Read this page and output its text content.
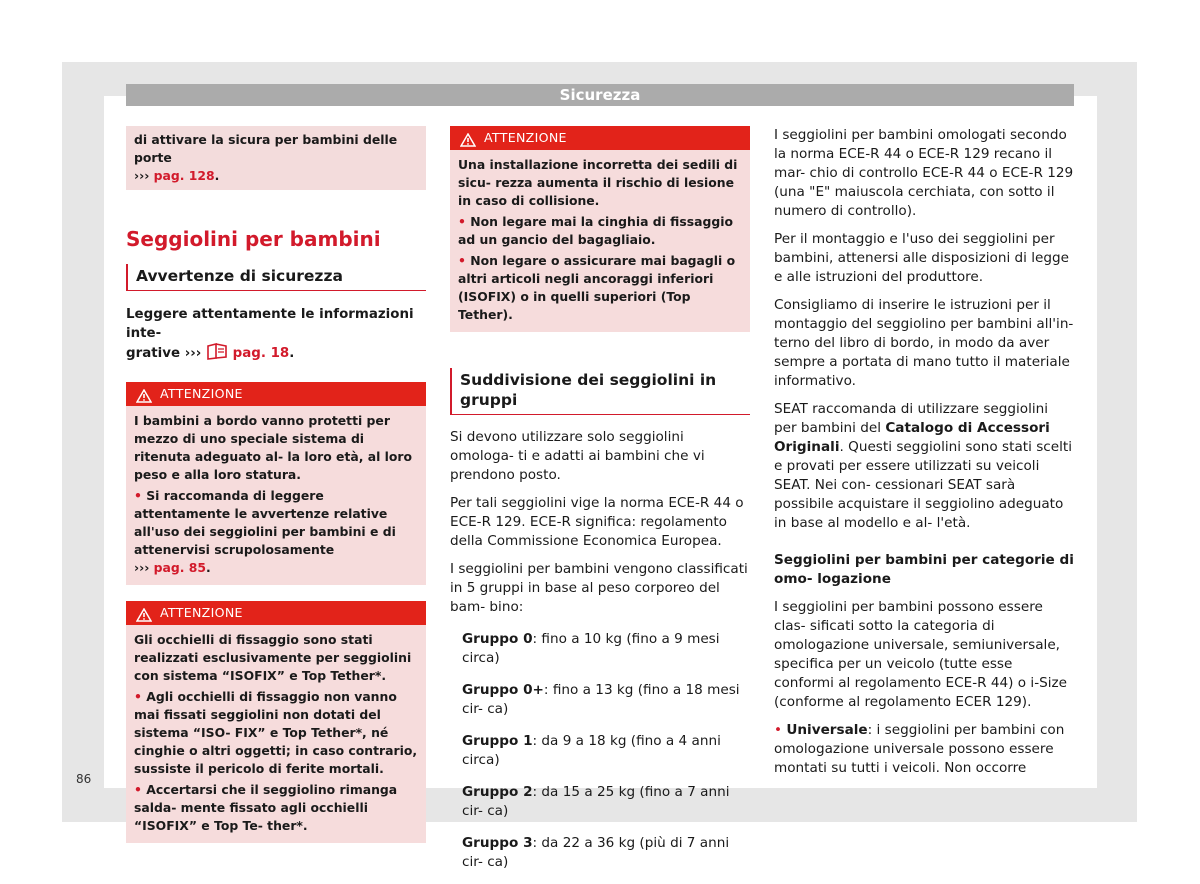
Sicurezza
di attivare la sicura per bambini delle porte
››› pag. 128.
Seggiolini per bambini
Avvertenze di sicurezza
Leggere attentamente le informazioni inte-
grative ››› pag. 18.
ATTENZIONE

I bambini a bordo vanno protetti per mezzo di uno speciale sistema di ritenuta adeguato al- la loro età, al loro peso e alla loro statura.

• Si raccomanda di leggere attentamente le avvertenze relative all'uso dei seggiolini per bambini e di attenervisi scrupolosamente
››› pag. 85.

ATTENZIONE

Gli occhielli di fissaggio sono stati realizzati esclusivamente per seggiolini con sistema “ISOFIX” e Top Tether*.

• Agli occhielli di fissaggio non vanno mai fissati seggiolini non dotati del sistema “ISO- FIX” e Top Tether*, né cinghie o altri oggetti; in caso contrario, sussiste il pericolo di ferite mortali.

• Accertarsi che il seggiolino rimanga salda- mente fissato agli occhielli “ISOFIX” e Top Te- ther*.

ATTENZIONE

Una installazione incorretta dei sedili di sicu- rezza aumenta il rischio di lesione in caso di collisione.

• Non legare mai la cinghia di fissaggio ad un gancio del bagagliaio.

• Non legare o assicurare mai bagagli o altri articoli negli ancoraggi inferiori (ISOFIX) o in quelli superiori (Top Tether).

Suddivisione dei seggiolini in gruppi
Si devono utilizzare solo seggiolini omologa- ti e adatti ai bambini che vi prendono posto.
Per tali seggiolini vige la norma ECE-R 44 o ECE-R 129. ECE-R significa: regolamento della Commissione Economica Europea.
I seggiolini per bambini vengono classificati in 5 gruppi in base al peso corporeo del bam- bino:
Gruppo 0: fino a 10 kg (fino a 9 mesi circa)
Gruppo 0+: fino a 13 kg (fino a 18 mesi cir- ca)
Gruppo 1: da 9 a 18 kg (fino a 4 anni circa)
Gruppo 2: da 15 a 25 kg (fino a 7 anni cir- ca)
Gruppo 3: da 22 a 36 kg (più di 7 anni cir- ca)
I seggiolini per bambini omologati secondo la norma ECE-R 44 o ECE-R 129 recano il mar- chio di controllo ECE-R 44 o ECE-R 129 (una "E" maiuscola cerchiata, con sotto il numero di controllo).
Per il montaggio e l'uso dei seggiolini per bambini, attenersi alle disposizioni di legge e alle istruzioni del produttore.
Consigliamo di inserire le istruzioni per il montaggio del seggiolino per bambini all'in- terno del libro di bordo, in modo da aver sempre a portata di mano tutto il materiale informativo.
SEAT raccomanda di utilizzare seggiolini per bambini del Catalogo di Accessori Originali. Questi seggiolini sono stati scelti e provati per essere utilizzati su veicoli SEAT. Nei con- cessionari SEAT sarà possibile acquistare il seggiolino adeguato in base al modello e al- l'età.
Seggiolini per bambini per categorie di omo- logazione
I seggiolini per bambini possono essere clas- sificati sotto la categoria di omologazione universale, semiuniversale, specifica per un veicolo (tutte esse conformi al regolamento ECE-R 44) o i-Size (conforme al regolamento ECER 129).
• Universale: i seggiolini per bambini con omologazione universale possono essere montati su tutti i veicoli. Non occorre
86
